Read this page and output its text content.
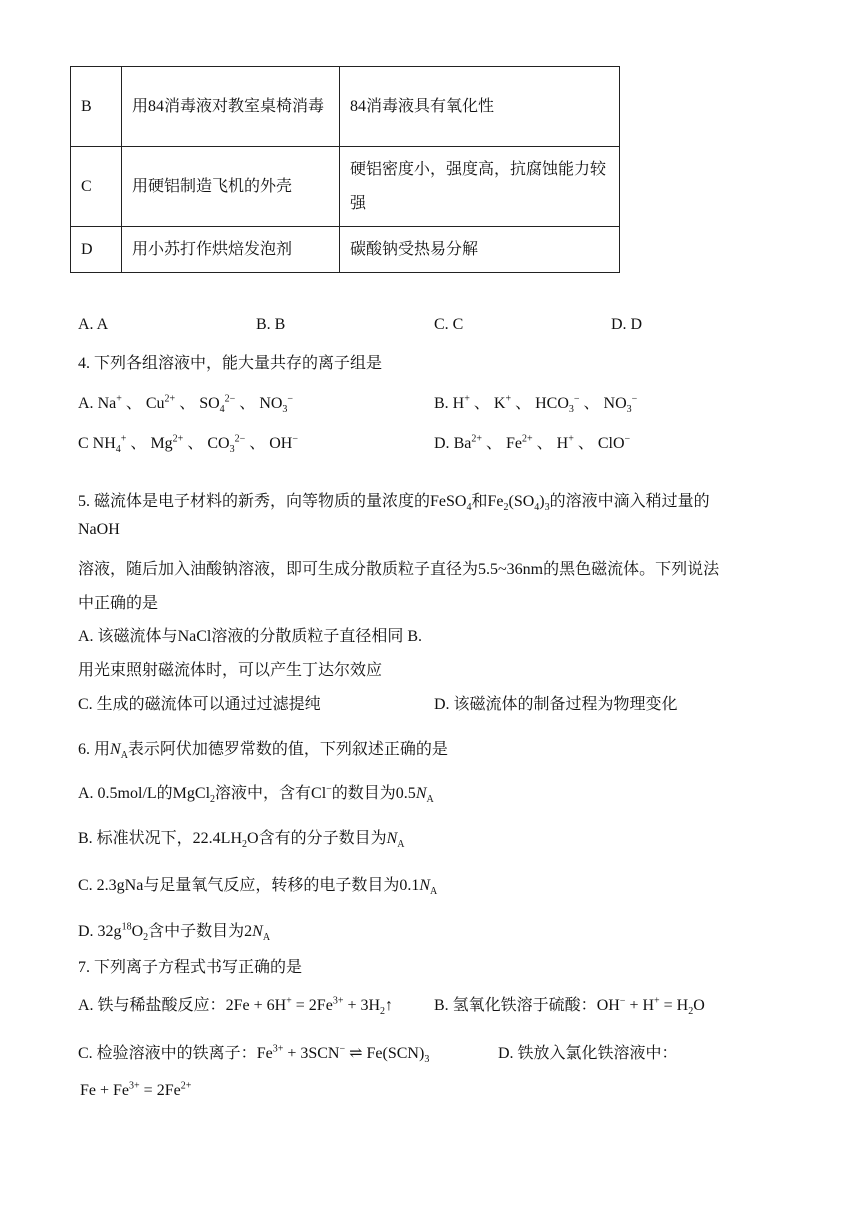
B	用84消毒液对教室桌椅消毒	84消毒液具有氧化性
C	用硬铝制造飞机的外壳	硬铝密度小，强度高，抗腐蚀能力较强
D	用小苏打作烘焙发泡剂	碳酸钠受热易分解
A. A	B. B	C. C	D. D
4. 下列各组溶液中，能大量共存的离子组是
A. Na+ 、 $Cu^{2+}$ 、 $SO_4^{2-}$ 、 $NO_3^-$	B. H+ 、 K+ 、 $HCO_3^-$ 、 $NO_3^-$
C $NH_4^+$ 、 $Mg^{2+}$ 、 $CO_3^{2-}$ 、 OH−	D. $Ba^{2+}$ 、 $Fe^{2+}$ 、 H+ 、 ClO−
5. 磁流体是电子材料的新秀，向等物质的量浓度的FeSO$_4$和$Fe_2(SO_4)_3$的溶液中滴入稍过量的
NaOH
溶液，随后加入油酸钠溶液，即可生成分散质粒子直径为5.5~36nm的黑色磁流体。下列说法
中正确的是
A. 该磁流体与NaCl溶液的分散质粒子直径相同 B.
用光束照射磁流体时，可以产生丁达尔效应
C. 生成的磁流体可以通过过滤提纯	D. 该磁流体的制备过程为物理变化
6. 用$N_A$表示阿伏加德罗常数的值，下列叙述正确的是
A. 0.5mol/L的MgCl$_2$溶液中，含有Cl−的数目为$0.5N_A$
B. 标准状况下，$22.4LH_2O$含有的分子数目为$N_A$
C. 2.3gNa与足量氧气反应，转移的电子数目为$0.1N_A$
D. $32g^{18}O_2$含中子数目为$2N_A$
7. 下列离子方程式书写正确的是
A. 铁与稀盐酸反应：$2Fe + 6H^+ = 2Fe^{3+}$ + $3H_2↑$	B. 氢氧化铁溶于硫酸：$OH^- + H^+ = H_2O$
C. 检验溶液中的铁离子：$Fe^{3+} + 3SCN^-$ ⇌ $Fe(SCN)_3$	D. 铁放入氯化铁溶液中：
$Fe + Fe^{3+} = 2Fe^{2+}$
